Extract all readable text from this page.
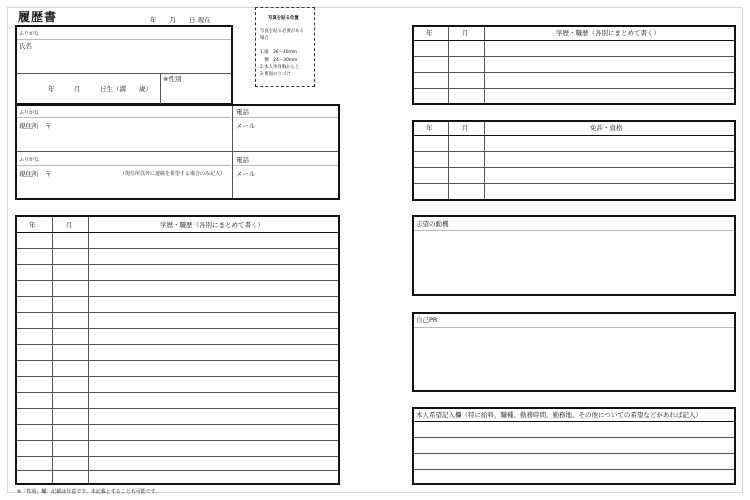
履歴書	年　　月　　日 現在	写真を貼る位置
写真を貼る必要がある
場合
1.縦　36〜40mm
　横　24〜30mm
2.本人単身胸から上
3.裏面のりづけ
ふりがな
氏名
年　　　月　　　日生（満　　歳）
※性別
ふりがな
現住所　〒
電話
メール
ふりがな
現住所　〒	（現住所以外に連絡を希望する場合のみ記入）
電話
メール
年	月	学歴・職歴（各別にまとめて書く）
※「性別」欄：記載は任意です。未記載とすることも可能です。
年	月	学歴・職歴（各別にまとめて書く）
年	月	免許・資格
志望の動機
自己PR
本人希望記入欄（特に給料、職種、勤務時間、勤務地、その他についての希望などがあれば記入）
